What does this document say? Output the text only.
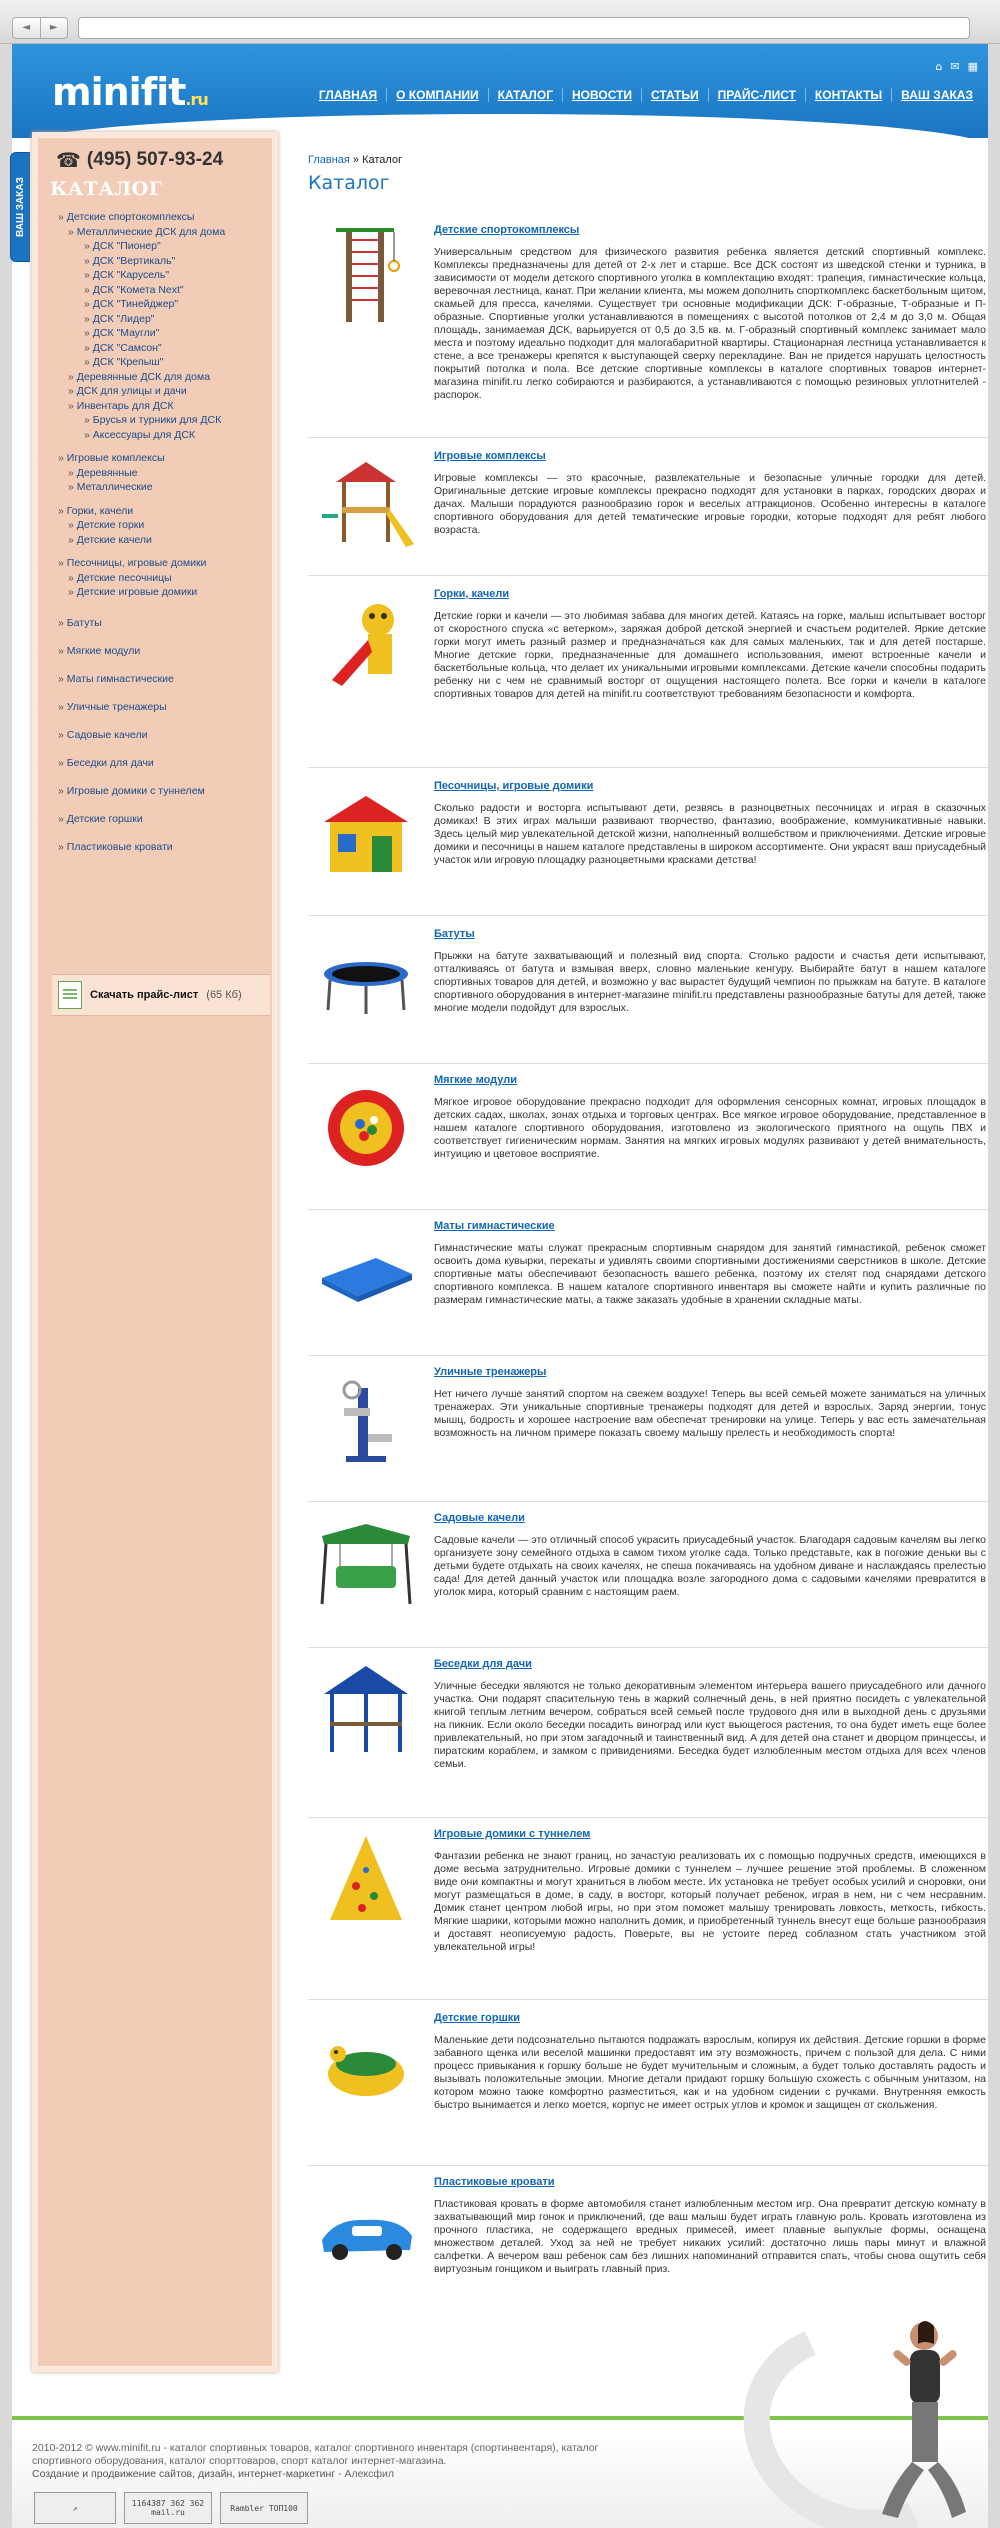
◄	►
minifit.ru
⌂ ✉ ▦
ГЛАВНАЯ	О КОМПАНИИ	КАТАЛОГ	НОВОСТИ	СТАТЬИ	ПРАЙС-ЛИСТ	КОНТАКТЫ	ВАШ ЗАКАЗ
ВАШ ЗАКАЗ
☎ (495) 507-93-24
КАТАЛОГ
» Детские спортокомплексы
» Металлические ДСК для дома
» ДСК "Пионер"
» ДСК "Вертикаль"
» ДСК "Карусель"
» ДСК "Комета Next"
» ДСК "Тинейджер"
» ДСК "Лидер"
» ДСК "Маугли"
» ДСК "Самсон"
» ДСК "Крепыш"
» Деревянные ДСК для дома
» ДСК для улицы и дачи
» Инвентарь для ДСК
» Брусья и турники для ДСК
» Аксессуары для ДСК
» Игровые комплексы
» Деревянные
» Металлические
» Горки, качели
» Детские горки
» Детские качели
» Песочницы, игровые домики
» Детские песочницы
» Детские игровые домики
» Батуты
» Мягкие модули
» Маты гимнастические
» Уличные тренажеры
» Садовые качели
» Беседки для дачи
» Игровые домики с туннелем
» Детские горшки
» Пластиковые кровати
Скачать прайс-лист (65 Кб)
Главная » Каталог
Каталог
Детские спортокомплексы
Универсальным средством для физического развития ребенка является детский спортивный комплекс. Комплексы предназначены для детей от 2-х лет и старше. Все ДСК состоят из шведской стенки и турника, в зависимости от модели детского спортивного уголка в комплектацию входят: трапеция, гимнастические кольца, веревочная лестница, канат. При желании клиента, мы можем дополнить спорткомплекс баскетбольным щитом, скамьей для пресса, качелями. Существует три основные модификации ДСК: Г-образные, Т-образные и П-образные. Спортивные уголки устанавливаются в помещениях с высотой потолков от 2,4 м до 3,0 м. Общая площадь, занимаемая ДСК, варьируется от 0,5 до 3,5 кв. м. Г-образный спортивный комплекс занимает мало места и поэтому идеально подходит для малогабаритной квартиры. Стационарная лестница устанавливается к стене, а все тренажеры крепятся к выступающей сверху перекладине. Ван не придется нарушать целостность покрытий потолка и пола. Все детские спортивные комплексы в каталоге спортивных товаров интернет-магазина minifit.ru легко собираются и разбираются, а устанавливаются с помощью резиновых уплотнителей - распорок.
Игровые комплексы
Игровые комплексы — это красочные, развлекательные и безопасные уличные городки для детей. Оригинальные детские игровые комплексы прекрасно подходят для установки в парках, городских дворах и дачах. Малыши порадуются разнообразию горок и веселых аттракционов. Особенно интересны в каталоге спортивного оборудования для детей тематические игровые городки, которые подходят для ребят любого возраста.
Горки, качели
Детские горки и качели — это любимая забава для многих детей. Катаясь на горке, малыш испытывает восторг от скоростного спуска «с ветерком», заряжая доброй детской энергией и счастьем родителей. Яркие детские горки могут иметь разный размер и предназначаться как для самых маленьких, так и для детей постарше. Многие детские горки, предназначенные для домашнего использования, имеют встроенные качели и баскетбольные кольца, что делает их уникальными игровыми комплексами. Детские качели способны подарить ребенку ни с чем не сравнимый восторг от ощущения настоящего полета. Все горки и качели в каталоге спортивных товаров для детей на minifit.ru соответствуют требованиям безопасности и комфорта.
Песочницы, игровые домики
Сколько радости и восторга испытывают дети, резвясь в разноцветных песочницах и играя в сказочных домиках! В этих играх малыши развивают творчество, фантазию, воображение, коммуникативные навыки. Здесь целый мир увлекательной детской жизни, наполненный волшебством и приключениями. Детские игровые домики и песочницы в нашем каталоге представлены в широком ассортименте. Они украсят ваш приусадебный участок или игровую площадку разноцветными красками детства!
Батуты
Прыжки на батуте захватывающий и полезный вид спорта. Столько радости и счастья дети испытывают, отталкиваясь от батута и взмывая вверх, словно маленькие кенгуру. Выбирайте батут в нашем каталоге спортивных товаров для детей, и возможно у вас вырастет будущий чемпион по прыжкам на батуте. В каталоге спортивного оборудования в интернет-магазине minifit.ru представлены разнообразные батуты для детей, также многие модели подойдут для взрослых.
Мягкие модули
Мягкое игровое оборудование прекрасно подходит для оформления сенсорных комнат, игровых площадок в детских садах, школах, зонах отдыха и торговых центрах. Все мягкое игровое оборудование, представленное в нашем каталоге спортивного оборудования, изготовлено из экологического приятного на ощупь ПВХ и соответствует гигиеническим нормам. Занятия на мягких игровых модулях развивают у детей внимательность, интуицию и цветовое восприятие.
Маты гимнастические
Гимнастические маты служат прекрасным спортивным снарядом для занятий гимнастикой, ребенок сможет освоить дома кувырки, перекаты и удивлять своими спортивными достижениями сверстников в школе. Детские спортивные маты обеспечивают безопасность вашего ребенка, поэтому их стелят под снарядами детского спортивного комплекса. В нашем каталоге спортивного инвентаря вы сможете найти и купить различные по размерам гимнастические маты, а также заказать удобные в хранении складные маты.
Уличные тренажеры
Нет ничего лучше занятий спортом на свежем воздухе! Теперь вы всей семьей можете заниматься на уличных тренажерах. Эти уникальные спортивные тренажеры подходят для детей и взрослых. Заряд энергии, тонус мышц, бодрость и хорошее настроение вам обеспечат тренировки на улице. Теперь у вас есть замечательная возможность на личном примере показать своему малышу прелесть и необходимость спорта!
Садовые качели
Садовые качели — это отличный способ украсить приусадебный участок. Благодаря садовым качелям вы легко организуете зону семейного отдыха в самом тихом уголке сада. Только представьте, как в погожие деньки вы с детьми будете отдыхать на своих качелях, не спеша покачиваясь на удобном диване и наслаждаясь прелестью сада! Для детей данный участок или площадка возле загородного дома с садовыми качелями превратится в уголок мира, который сравним с настоящим раем.
Беседки для дачи
Уличные беседки являются не только декоративным элементом интерьера вашего приусадебного или дачного участка. Они подарят спасительную тень в жаркий солнечный день, в ней приятно посидеть с увлекательной книгой теплым летним вечером, собраться всей семьей после трудового дня или в выходной день с друзьями на пикник. Если около беседки посадить виноград или куст вьющегося растения, то она будет иметь еще более привлекательный, но при этом загадочный и таинственный вид. А для детей она станет и дворцом принцессы, и пиратским кораблем, и замком с привидениями. Беседка будет излюбленным местом отдыха для всех членов семьи.
Игровые домики с туннелем
Фантазии ребенка не знают границ, но зачастую реализовать их с помощью подручных средств, имеющихся в доме весьма затруднительно. Игровые домики с туннелем – лучшее решение этой проблемы. В сложенном виде они компактны и могут храниться в любом месте. Их установка не требует особых усилий и сноровки, они могут размещаться в доме, в саду, в восторг, который получает ребенок, играя в нем, ни с чем несравним. Домик станет центром любой игры, но при этом поможет малышу тренировать ловкость, меткость, гибкость. Мягкие шарики, которыми можно наполнить домик, и приобретенный туннель внесут еще больше разнообразия и доставят неописуемую радость. Поверьте, вы не устоите перед соблазном стать участником этой увлекательной игры!
Детские горшки
Маленькие дети подсознательно пытаются подражать взрослым, копируя их действия. Детские горшки в форме забавного щенка или веселой машинки предоставят им эту возможность, причем с пользой для дела. С ними процесс привыкания к горшку больше не будет мучительным и сложным, а будет только доставлять радость и вызывать положительные эмоции. Многие детали придают горшку большую схожесть с обычным унитазом, на котором можно также комфортно разместиться, как и на удобном сидении с ручками. Внутренняя емкость быстро вынимается и легко моется, корпус не имеет острых углов и кромок и защищен от скольжения.
Пластиковые кровати
Пластиковая кровать в форме автомобиля станет излюбленным местом игр. Она превратит детскую комнату в захватывающий мир гонок и приключений, где ваш малыш будет играть главную роль. Кровать изготовлена из прочного пластика, не содержащего вредных примесей, имеет плавные выпуклые формы, оснащена множеством деталей. Уход за ней не требует никаких усилий: достаточно лишь пары минут и влажной салфетки. А вечером ваш ребенок сам без лишних напоминаний отправится спать, чтобы снова ощутить себя виртуозным гонщиком и выиграть главный приз.
2010-2012 © www.minifit.ru - каталог спортивных товаров, каталог спортивного инвентаря (спортинвентаря), каталог
спортивного оборудования, каталог спорттоваров, спорт каталог интернет-магазина.
Создание и продвижение сайтов, дизайн, интернет-маркетинг - Алексфил
↗	1164387 362 362
mail.ru	Rambler ТОП100
